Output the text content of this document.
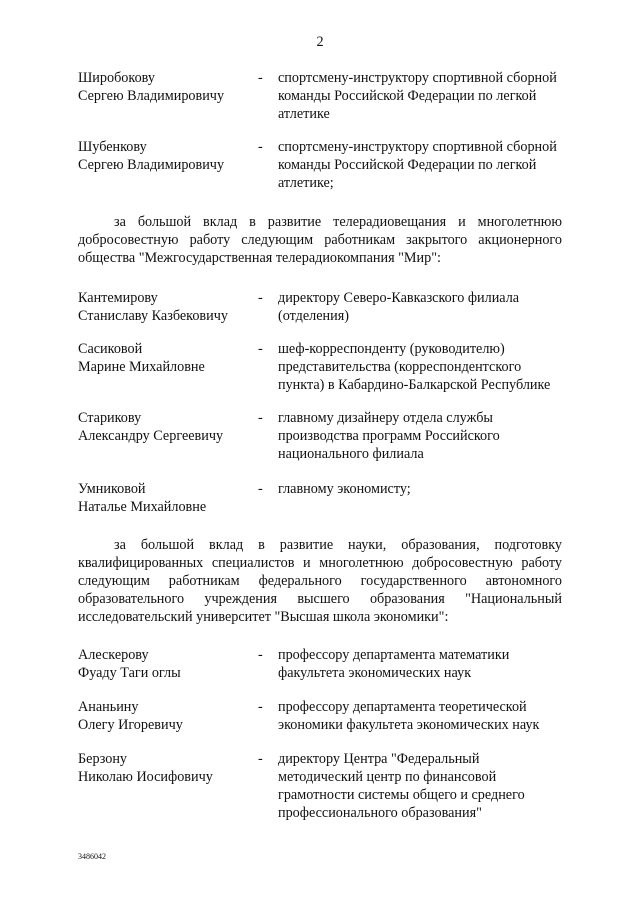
2
Широбокову
Сергею Владимировичу
- спортсмену-инструктору спортивной сборной
команды Российской Федерации по легкой
атлетике
Шубенкову
Сергею Владимировичу
- спортсмену-инструктору спортивной сборной
команды Российской Федерации по легкой
атлетике;
за большой вклад в развитие телерадиовещания и многолетнюю добросовестную работу следующим работникам закрытого акционерного общества "Межгосударственная телерадиокомпания "Мир":
Кантемирову
Станиславу Казбековичу
- директору Северо-Кавказского филиала
(отделения)
Сасиковой
Марине Михайловне
- шеф-корреспонденту (руководителю)
представительства (корреспондентского
пункта) в Кабардино-Балкарской Республике
Старикову
Александру Сергеевичу
- главному дизайнеру отдела службы
производства программ Российского
национального филиала
Умниковой
Наталье Михайловне
- главному экономисту;
за большой вклад в развитие науки, образования, подготовку квалифицированных специалистов и многолетнюю добросовестную работу следующим работникам федерального государственного автономного образовательного учреждения высшего образования "Национальный исследовательский университет "Высшая школа экономики":
Алескерову
Фуаду Таги оглы
- профессору департамента математики
факультета экономических наук
Ананьину
Олегу Игоревичу
- профессору департамента теоретической
экономики факультета экономических наук
Берзону
Николаю Иосифовичу
- директору Центра "Федеральный
методический центр по финансовой
грамотности системы общего и среднего
профессионального образования"
3486042
